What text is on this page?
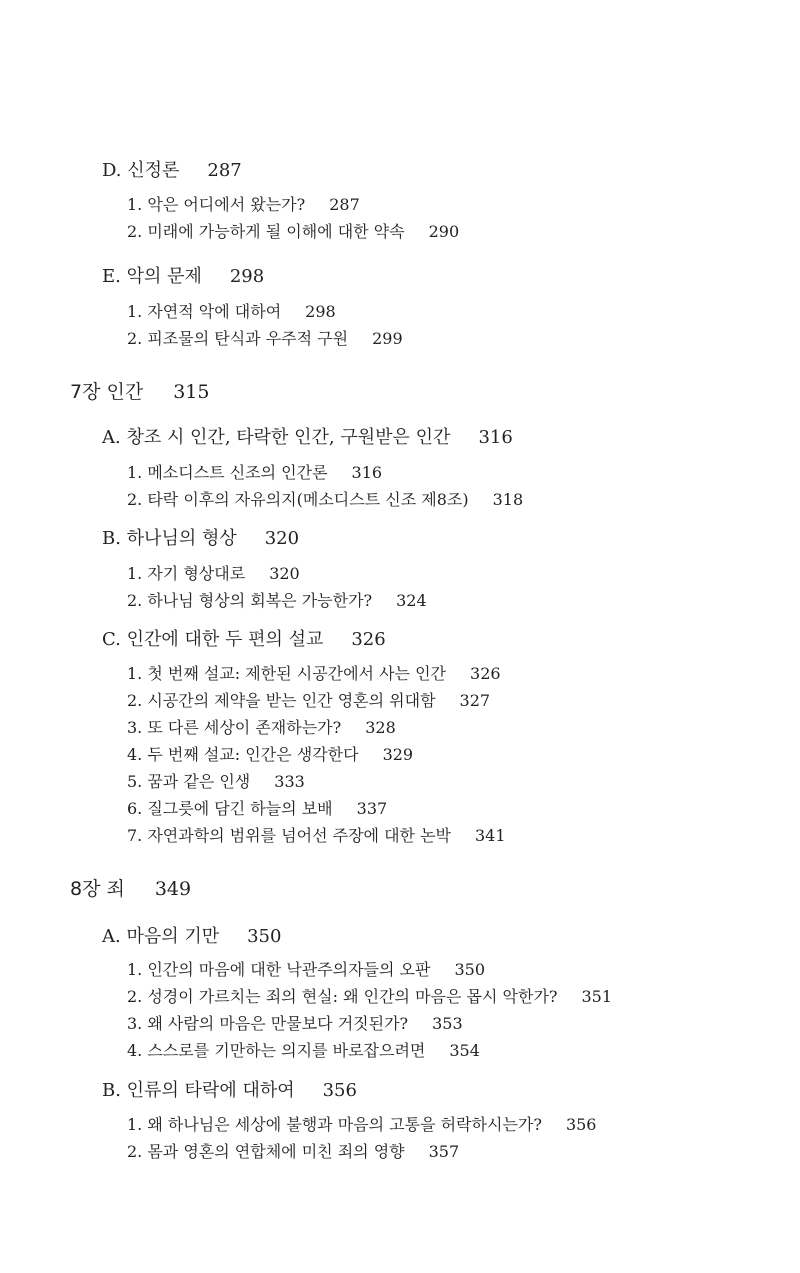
D. 신정론 287
1. 악은 어디에서 왔는가? 287
2. 미래에 가능하게 될 이해에 대한 약속 290
E. 악의 문제 298
1. 자연적 악에 대하여 298
2. 피조물의 탄식과 우주적 구원 299
7장 인간 315
A. 창조 시 인간, 타락한 인간, 구원받은 인간 316
1. 메소디스트 신조의 인간론 316
2. 타락 이후의 자유의지(메소디스트 신조 제8조) 318
B. 하나님의 형상 320
1. 자기 형상대로 320
2. 하나님 형상의 회복은 가능한가? 324
C. 인간에 대한 두 편의 설교 326
1. 첫 번째 설교: 제한된 시공간에서 사는 인간 326
2. 시공간의 제약을 받는 인간 영혼의 위대함 327
3. 또 다른 세상이 존재하는가? 328
4. 두 번째 설교: 인간은 생각한다 329
5. 꿈과 같은 인생 333
6. 질그릇에 담긴 하늘의 보배 337
7. 자연과학의 범위를 넘어선 주장에 대한 논박 341
8장 죄 349
A. 마음의 기만 350
1. 인간의 마음에 대한 낙관주의자들의 오판 350
2. 성경이 가르치는 죄의 현실: 왜 인간의 마음은 몹시 악한가? 351
3. 왜 사람의 마음은 만물보다 거짓된가? 353
4. 스스로를 기만하는 의지를 바로잡으려면 354
B. 인류의 타락에 대하여 356
1. 왜 하나님은 세상에 불행과 마음의 고통을 허락하시는가? 356
2. 몸과 영혼의 연합체에 미친 죄의 영향 357
